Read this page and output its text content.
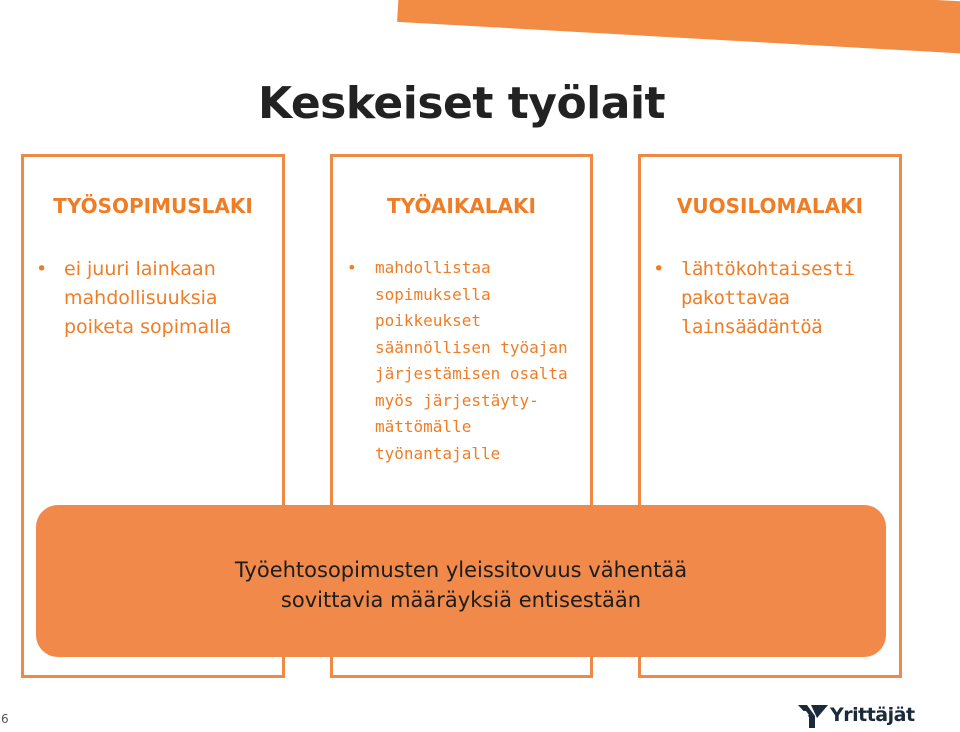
Keskeiset työlait
TYÖSOPIMUSLAKI
• ei juuri lainkaan
mahdollisuuksia
poiketa sopimalla
TYÖAIKALAKI
• mahdollistaa
sopimuksella
poikkeukset
säännöllisen työajan
järjestämisen osalta
myös järjestäyty-
mättömälle
työnantajalle
VUOSILOMALAKI
• lähtökohtaisesti
pakottavaa
lainsäädäntöä
Työehtosopimusten yleissitovuus vähentää
sovittavia määräyksiä entisestään
6	Yrittäjät
